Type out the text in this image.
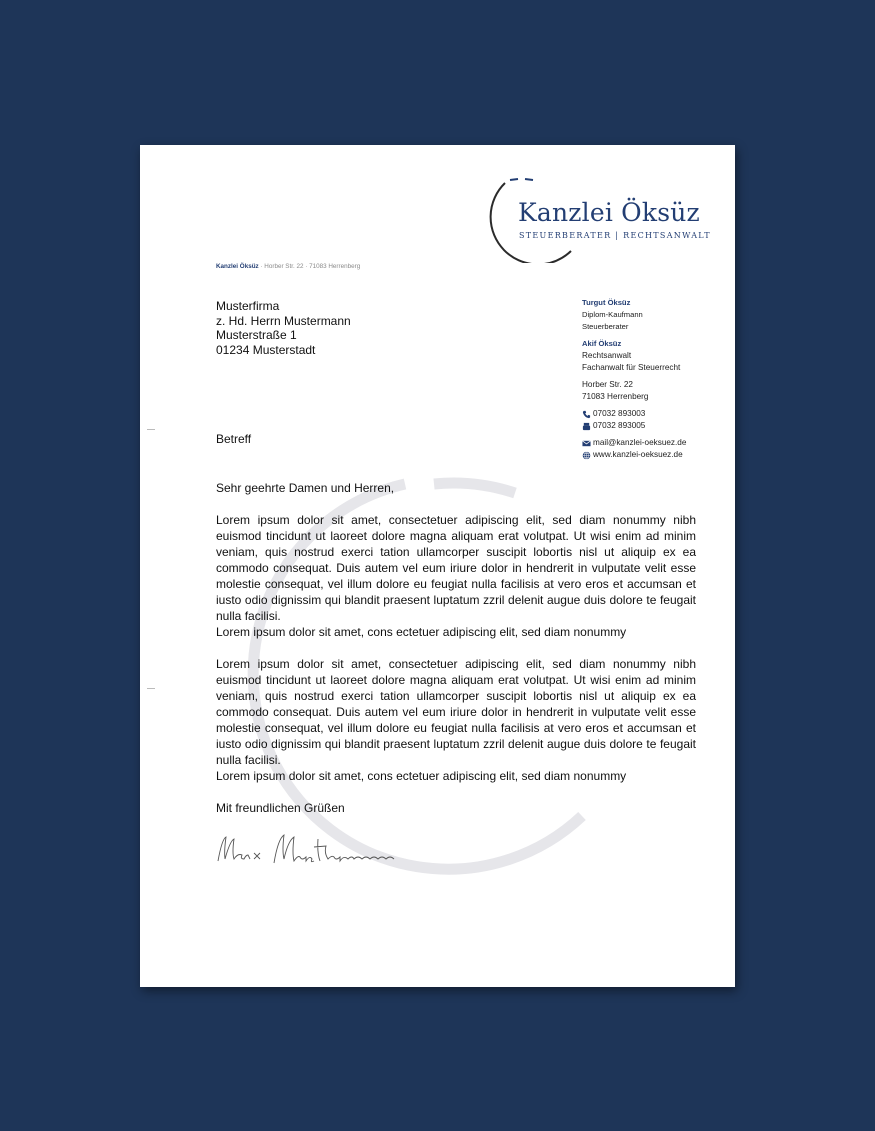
Kanzlei Öksüz
STEUERBERATER | RECHTSANWALT
Kanzlei Öksüz · Horber Str. 22 · 71083 Herrenberg
Musterfirma
z. Hd. Herrn Mustermann
Musterstraße 1
01234 Musterstadt
Turgut Öksüz
Diplom-Kaufmann
Steuerberater
Akif Öksüz
Rechtsanwalt
Fachanwalt für Steuerrecht
Horber Str. 22
71083 Herrenberg
07032 893003
07032 893005
mail@kanzlei-oeksuez.de
www.kanzlei-oeksuez.de
Betreff

Sehr geehrte Damen und Herren,

Lorem ipsum dolor sit amet, consectetuer adipiscing elit, sed diam nonummy nibh euismod tincidunt ut laoreet dolore magna aliquam erat volutpat. Ut wisi enim ad minim veniam, quis nostrud exerci tation ullamcorper suscipit lobortis nisl ut aliquip ex ea commodo consequat. Duis autem vel eum iriure dolor in hendrerit in vulputate velit esse molestie consequat, vel illum dolore eu feugiat nulla facilisis at vero eros et accumsan et iusto odio dignissim qui blandit praesent luptatum zzril delenit augue duis dolore te feugait nulla facilisi.

Lorem ipsum dolor sit amet, cons ectetuer adipiscing elit, sed diam nonummy

Lorem ipsum dolor sit amet, consectetuer adipiscing elit, sed diam nonummy nibh euismod tincidunt ut laoreet dolore magna aliquam erat volutpat. Ut wisi enim ad minim veniam, quis nostrud exerci tation ullamcorper suscipit lobortis nisl ut aliquip ex ea commodo consequat. Duis autem vel eum iriure dolor in hendrerit in vulputate velit esse molestie consequat, vel illum dolore eu feugiat nulla facilisis at vero eros et accumsan et iusto odio dignissim qui blandit praesent luptatum zzril delenit augue duis dolore te feugait nulla facilisi.

Lorem ipsum dolor sit amet, cons ectetuer adipiscing elit, sed diam nonummy

Mit freundlichen Grüßen
